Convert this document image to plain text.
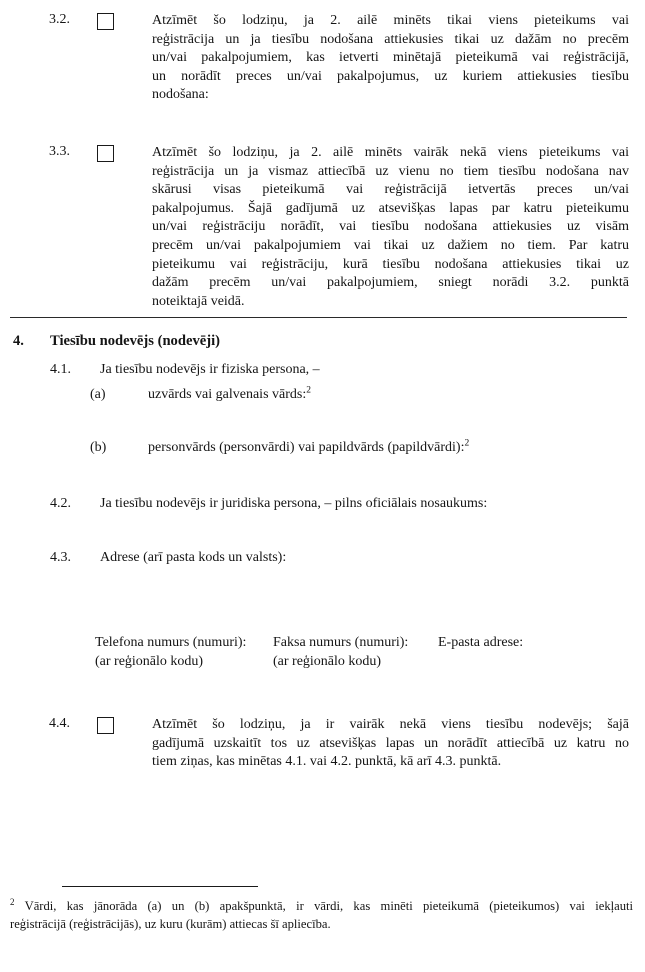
3.2.	Atzīmēt šo lodziņu, ja 2. ailē minēts tikai viens pieteikums vai
reģistrācija un ja tiesību nodošana attiekusies tikai uz dažām no precēm
un/vai pakalpojumiem, kas ietverti minētajā pieteikumā vai reģistrācijā,
un norādīt preces un/vai pakalpojumus, uz kuriem attiekusies tiesību
nodošana:
3.3.	Atzīmēt šo lodziņu, ja 2. ailē minēts vairāk nekā viens pieteikums vai
reģistrācija un ja vismaz attiecībā uz vienu no tiem tiesību nodošana nav
skārusi visas pieteikumā vai reģistrācijā ietvertās preces un/vai
pakalpojumus. Šajā gadījumā uz atsevišķas lapas par katru pieteikumu
un/vai reģistrāciju norādīt, vai tiesību nodošana attiekusies uz visām
precēm un/vai pakalpojumiem vai tikai uz dažiem no tiem. Par katru
pieteikumu vai reģistrāciju, kurā tiesību nodošana attiekusies tikai uz
dažām precēm un/vai pakalpojumiem, sniegt norādi 3.2. punktā
noteiktajā veidā.
4. Tiesību nodevējs (nodevēji)
4.1. Ja tiesību nodevējs ir fiziska persona, –
(a)	uzvārds vai galvenais vārds:$^2$
(b)	personvārds (personvārdi) vai papildvārds (papildvārdi):$^2$
4.2. Ja tiesību nodevējs ir juridiska persona, – pilns oficiālais nosaukums:
4.3. Adrese (arī pasta kods un valsts):
Telefona numurs (numuri):
(ar reģionālo kodu)
Faksa numurs (numuri):
(ar reģionālo kodu)
E-pasta adrese:
4.4.	Atzīmēt šo lodziņu, ja ir vairāk nekā viens tiesību nodevējs; šajā
gadījumā uzskaitīt tos uz atsevišķas lapas un norādīt attiecībā uz katru no
tiem ziņas, kas minētas 4.1. vai 4.2. punktā, kā arī 4.3. punktā.
$^2$ Vārdi, kas jānorāda (a) un (b) apakšpunktā, ir vārdi, kas minēti pieteikumā (pieteikumos) vai iekļauti
reģistrācijā (reģistrācijās), uz kuru (kurām) attiecas šī apliecība.
